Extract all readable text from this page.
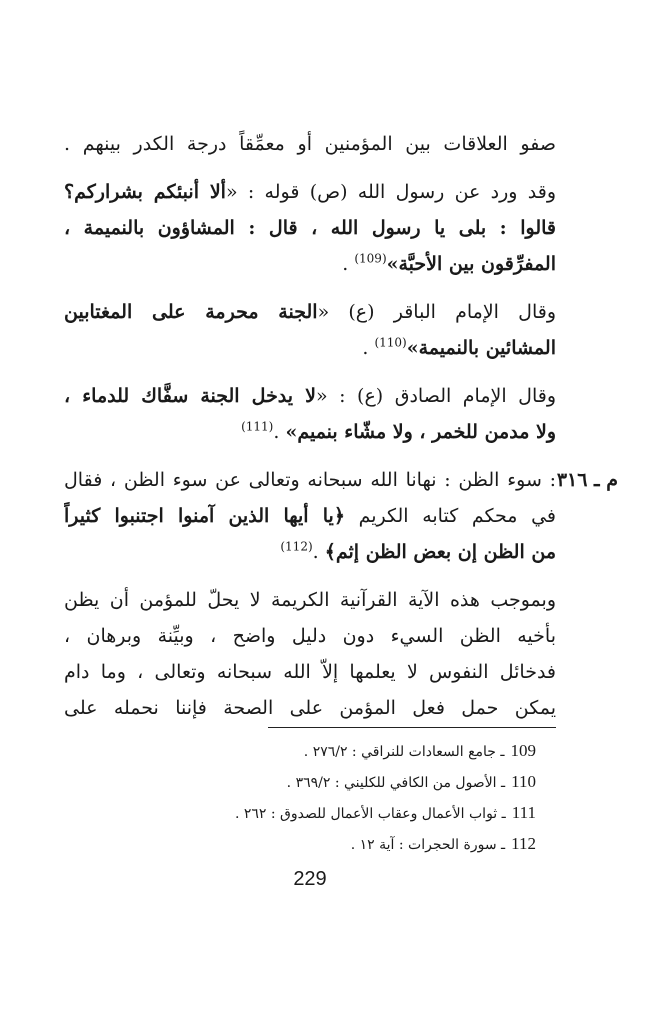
صفو العلاقات بين المؤمنين أو معمِّقاً درجة الكدر بينهم .
وقد ورد عن رسول الله (ص) قوله : «ألا أنبئكم بشراركم؟
قالوا : بلى يا رسول الله ، قال : المشاؤون بالنميمة ،
المفرِّقون بين الأحبَّة»$^{(109)}$ .
وقال الإمام الباقر (ع) «الجنة محرمة على المغتابين
المشائين بالنميمة»$^{(110)}$ .
وقال الإمام الصادق (ع) : «لا يدخل الجنة سفَّاك للدماء ،
ولا مدمن للخمر ، ولا مشّاء بنميم» .$^{(111)}$
م ـ ٣١٦
: سوء الظن : نهانا الله سبحانه وتعالى عن سوء الظن ، فقال
في محكم كتابه الكريم ﴿يا أيها الذين آمنوا اجتنبوا كثيراً
من الظن إن بعض الظن إثم﴾ .$^{(112)}$
وبموجب هذه الآية القرآنية الكريمة لا يحلّ للمؤمن أن يظن
بأخيه الظن السيء دون دليل واضح ، وبيِّنة وبرهان ،
فدخائل النفوس لا يعلمها إلاّ الله سبحانه وتعالى ، وما دام
يمكن حمل فعل المؤمن على الصحة فإننا نحمله على
109ـ جامع السعادات للنراقي : ٢٧٦/٢ .
110ـ الأصول من الكافي للكليني : ٣٦٩/٢ .
111ـ ثواب الأعمال وعقاب الأعمال للصدوق : ٢٦٢ .
112ـ سورة الحجرات : آية ١٢ .
229
